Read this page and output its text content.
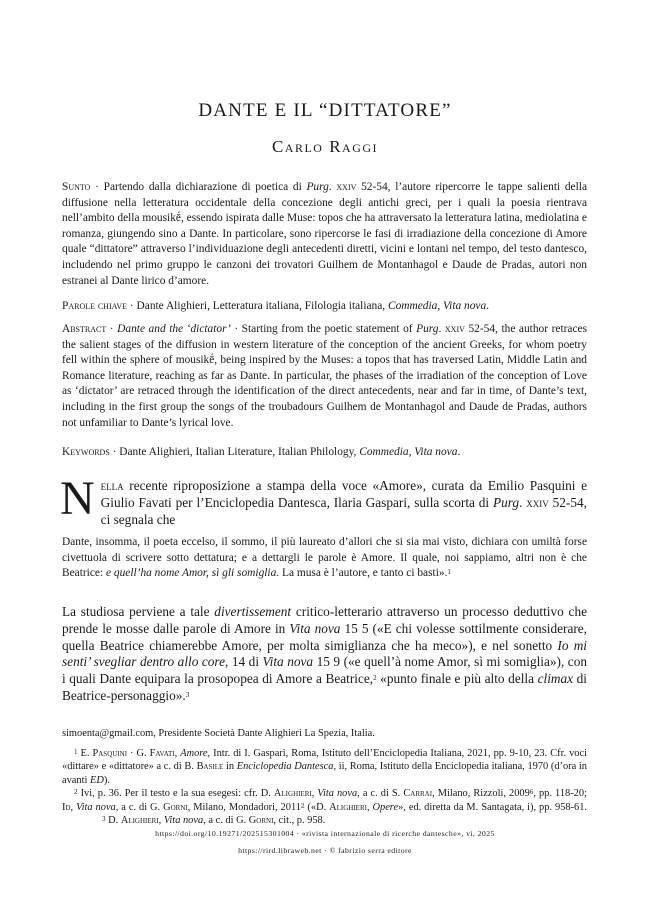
DANTE E IL “DITTATORE”
Carlo Raggi

Sunto · Partendo dalla dichiarazione di poetica di Purg. xxiv 52-54, l’autore ripercorre le tappe salienti della diffusione nella letteratura occidentale della concezione degli antichi greci, per i quali la poesia rientrava nell’ambito della mousikḗ, essendo ispirata dalle Muse: topos che ha attraversato la letteratura latina, mediolatina e romanza, giungendo sino a Dante. In particolare, sono ripercorse le fasi di irradiazione della concezione di Amore quale “dittatore” attraverso l’individuazione degli antecedenti diretti, vicini e lontani nel tempo, del testo dantesco, includendo nel primo gruppo le canzoni dei trovatori Guilhem de Montanhagol e Daude de Pradas, autori non estranei al Dante lirico d’amore.

Parole chiave · Dante Alighieri, Letteratura italiana, Filologia italiana, Commedia, Vita nova.

Abstract · Dante and the ‘dictator’ · Starting from the poetic statement of Purg. xxiv 52-54, the author retraces the salient stages of the diffusion in western literature of the conception of the ancient Greeks, for whom poetry fell within the sphere of mousikḗ, being inspired by the Muses: a topos that has traversed Latin, Middle Latin and Romance literature, reaching as far as Dante. In particular, the phases of the irradiation of the conception of Love as ‘dictator’ are retraced through the identification of the direct antecedents, near and far in time, of Dante’s text, including in the first group the songs of the troubadours Guilhem de Montanhagol and Daude de Pradas, authors not unfamiliar to Dante’s lyrical love.

Keywords · Dante Alighieri, Italian Literature, Italian Philology, Commedia, Vita nova.

Nella recente riproposizione a stampa della voce «Amore», curata da Emilio Pasquini e Giulio Favati per l’Enciclopedia Dantesca, Ilaria Gaspari, sulla scorta di Purg. xxiv 52-54, ci segnala che

Dante, insomma, il poeta eccelso, il sommo, il più laureato d’allori che si sia mai visto, dichiara con umiltà forse civettuola di scrivere sotto dettatura; e a dettargli le parole è Amore. Il quale, noi sappiamo, altri non è che Beatrice: e quell’ha nome Amor, sì gli somiglia. La musa è l’autore, e tanto ci basti».$^1$

La studiosa perviene a tale divertissement critico-letterario attraverso un processo deduttivo che prende le mosse dalle parole di Amore in Vita nova 15 5 («E chi volesse sottilmente considerare, quella Beatrice chiamerebbe Amore, per molta simiglianza che ha meco»), e nel sonetto Io mi senti’ svegliar dentro allo core, 14 di Vita nova 15 9 («e quell’à nome Amor, sì mi somiglia»), con i quali Dante equipara la prosopopea di Amore a Beatrice,$^2$ «punto finale e più alto della climax di Beatrice-personaggio».$^3$

simoenta@gmail.com, Presidente Società Dante Alighieri La Spezia, Italia.

$^1$ E. Pasquini · G. Favati, Amore, Intr. di I. Gaspari, Roma, Istituto dell’Enciclopedia Italiana, 2021, pp. 9-10, 23. Cfr. voci «dittare» e «dittatore» a c. di B. Basile in Enciclopedia Dantesca, ii, Roma, Istituto della Enciclopedia italiana, 1970 (d’ora in avanti ED).

$^2$ Ivi, p. 36. Per il testo e la sua esegesi: cfr. D. Alighieri, Vita nova, a c. di S. Carrai, Milano, Rizzoli, 2009$^6$, pp. 118-20; Id, Vita nova, a c. di G. Gorni, Milano, Mondadori, 2011$^2$ («D. Alighieri, Opere», ed. diretta da M. Santagata, i), pp. 958-61.$^3$ D. Alighieri, Vita nova, a c. di G. Gorni, cit., p. 958.

https://doi.org/10.19271/202515301004 · «rivista internazionale di ricerche dantesche», vi, 2025
https://rird.libraweb.net · © fabrizio serra editore
